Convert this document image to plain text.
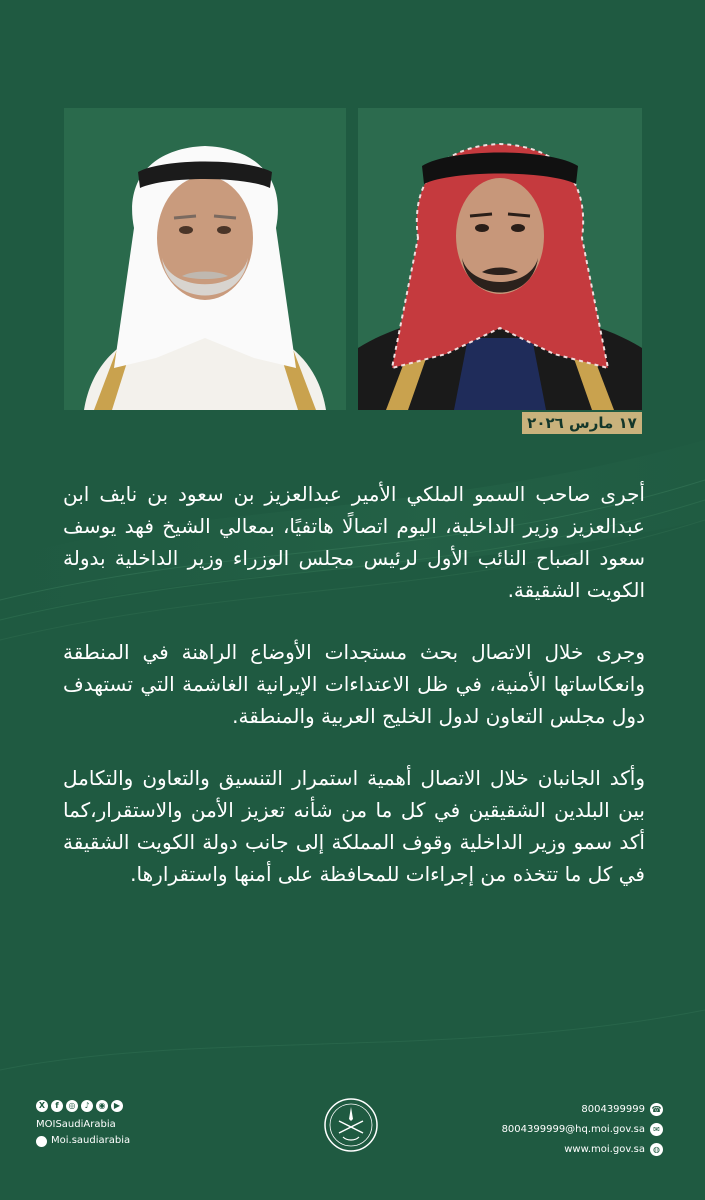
١٧ مارس ٢٠٢٦

أجرى صاحب السمو الملكي الأمير عبدالعزيز بن سعود بن نايف ابن عبدالعزيز وزير الداخلية، اليوم اتصالًا هاتفيًا، بمعالي الشيخ فهد يوسف سعود الصباح النائب الأول لرئيس مجلس الوزراء وزير الداخلية بدولة الكويت الشقيقة.

وجرى خلال الاتصال بحث مستجدات الأوضاع الراهنة في المنطقة وانعكاساتها الأمنية، في ظل الاعتداءات الإيرانية الغاشمة التي تستهدف دول مجلس التعاون لدول الخليج العربية والمنطقة.

وأكد الجانبان خلال الاتصال أهمية استمرار التنسيق والتعاون والتكامل بين البلدين الشقيقين في كل ما من شأنه تعزيز الأمن والاستقرار،كما أكد سمو وزير الداخلية وقوف المملكة إلى جانب دولة الكويت الشقيقة في كل ما تتخذه من إجراءات للمحافظة على أمنها واستقرارها.

X	f	◎	♪	◉	▶
MOISaudiArabia
Moi.saudiarabia
8004399999 ☎
8004399999@hq.moi.gov.sa	✉
www.moi.gov.sa	◍
